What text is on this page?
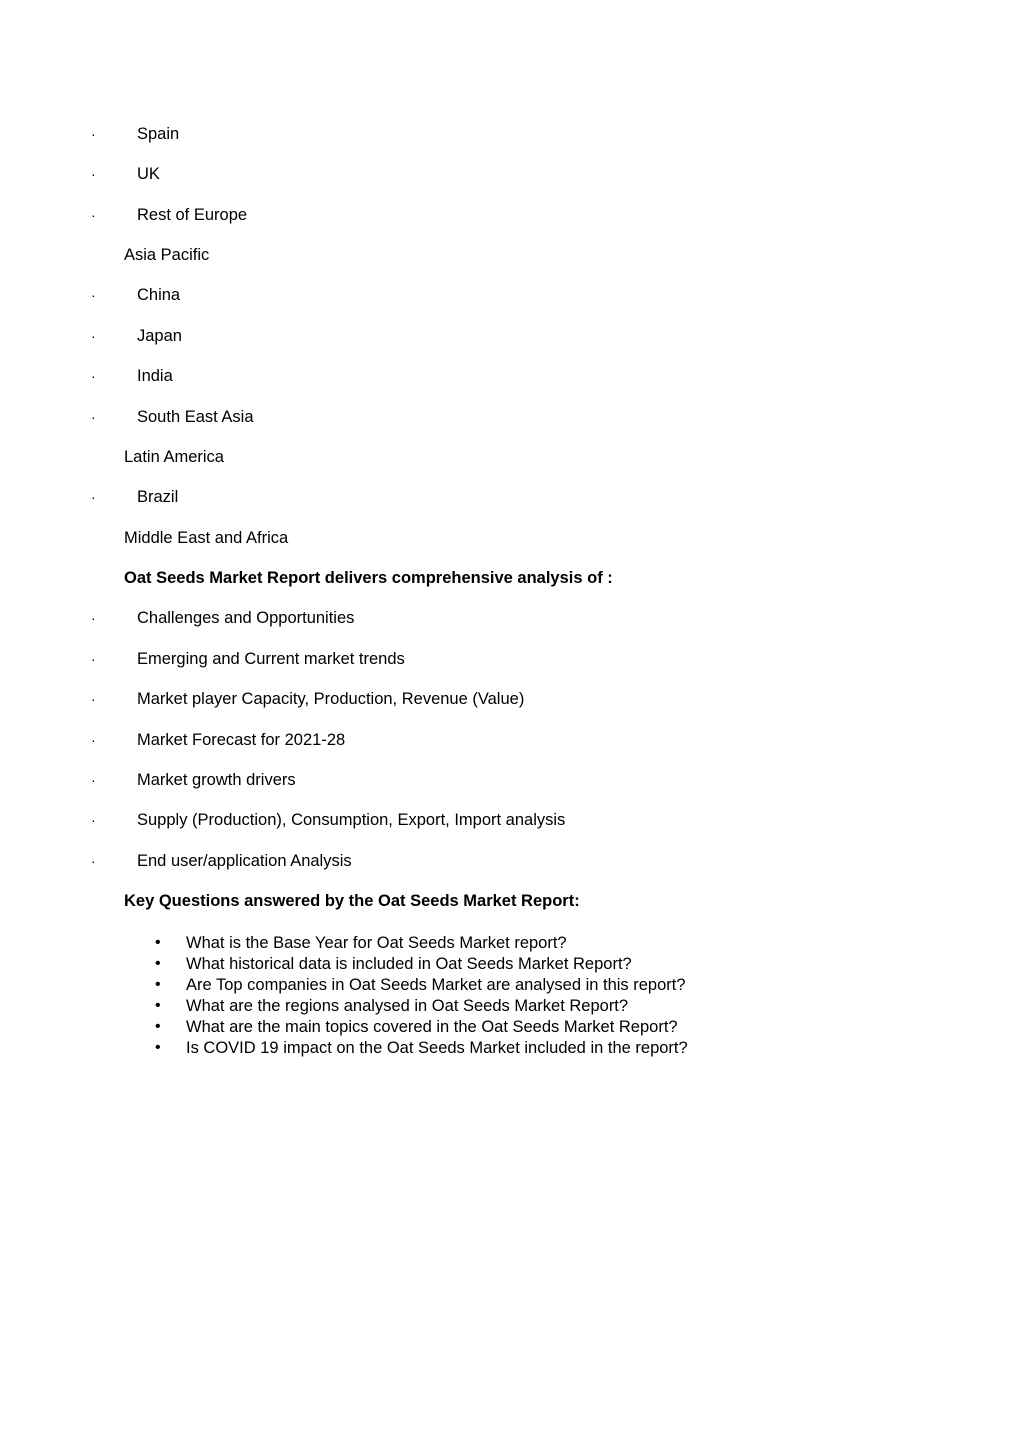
·	Spain
·	UK
·	Rest of Europe
Asia Pacific
·	China
·	Japan
·	India
·	South East Asia
Latin America
·	Brazil
Middle East and Africa
Oat Seeds Market Report delivers comprehensive analysis of :
·	Challenges and Opportunities
·	Emerging and Current market trends
·	Market player Capacity, Production, Revenue (Value)
·	Market Forecast for 2021-28
·	Market growth drivers
·	Supply (Production), Consumption, Export, Import analysis
·	End user/application Analysis
Key Questions answered by the Oat Seeds Market Report:
• What is the Base Year for Oat Seeds Market report?
• What historical data is included in Oat Seeds Market Report?
• Are Top companies in Oat Seeds Market are analysed in this report?
• What are the regions analysed in Oat Seeds Market Report?
• What are the main topics covered in the Oat Seeds Market Report?
• Is COVID 19 impact on the Oat Seeds Market included in the report?
